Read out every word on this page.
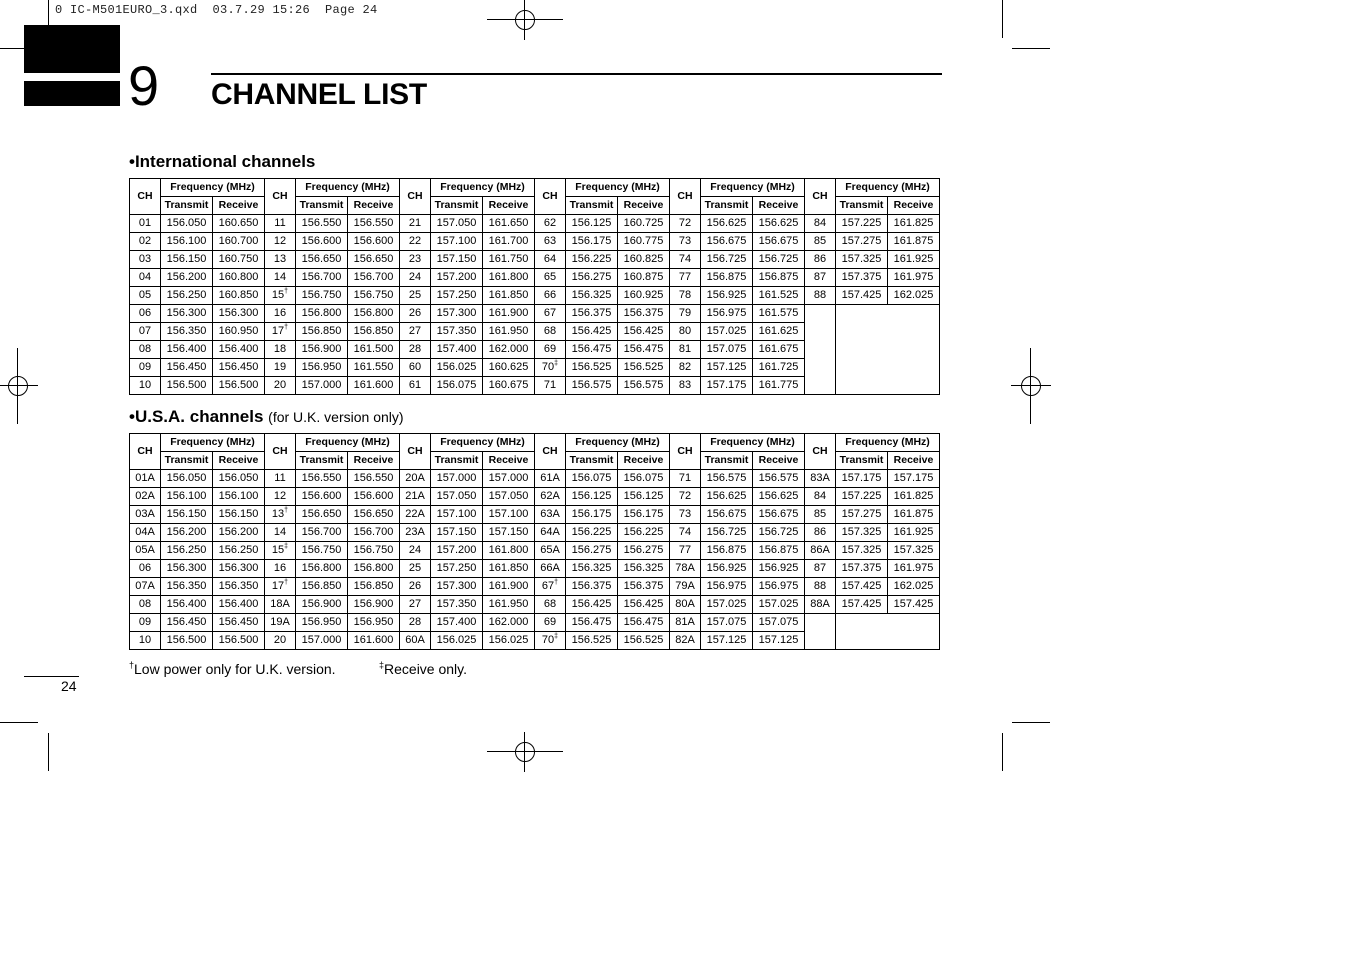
0 IC-M501EURO_3.qxd  03.7.29 15:26  Page 24
9 CHANNEL LIST
•International channels
CH	Frequency (MHz)		CH	Frequency (MHz)		CH	Frequency (MHz)		CH	Frequency (MHz)		CH	Frequency (MHz)		CH	Frequency (MHz)	
	Transmit	Receive		Transmit	Receive		Transmit	Receive		Transmit	Receive		Transmit	Receive		Transmit	Receive
01	156.050	160.650	11	156.550	156.550	21	157.050	161.650	62	156.125	160.725	72	156.625	156.625	84	157.225	161.825
02	156.100	160.700	12	156.600	156.600	22	157.100	161.700	63	156.175	160.775	73	156.675	156.675	85	157.275	161.875
03	156.150	160.750	13	156.650	156.650	23	157.150	161.750	64	156.225	160.825	74	156.725	156.725	86	157.325	161.925
04	156.200	160.800	14	156.700	156.700	24	157.200	161.800	65	156.275	160.875	77	156.875	156.875	87	157.375	161.975
05	156.250	160.850	15†	156.750	156.750	25	157.250	161.850	66	156.325	160.925	78	156.925	161.525	88	157.425	162.025
06	156.300	156.300	16	156.800	156.800	26	157.300	161.900	67	156.375	156.375	79	156.975	161.575			
07	156.350	160.950	17†	156.850	156.850	27	157.350	161.950	68	156.425	156.425	80	157.025	161.625			
08	156.400	156.400	18	156.900	161.500	28	157.400	162.000	69	156.475	156.475	81	157.075	161.675			
09	156.450	156.450	19	156.950	161.550	60	156.025	160.625	70‡	156.525	156.525	82	157.125	161.725			
10	156.500	156.500	20	157.000	161.600	61	156.075	160.675	71	156.575	156.575	83	157.175	161.775			
•U.S.A. channels (for U.K. version only)
CH	Frequency (MHz)		CH	Frequency (MHz)		CH	Frequency (MHz)		CH	Frequency (MHz)		CH	Frequency (MHz)		CH	Frequency (MHz)	
	Transmit	Receive		Transmit	Receive		Transmit	Receive		Transmit	Receive		Transmit	Receive		Transmit	Receive
01A	156.050	156.050	11	156.550	156.550	20A	157.000	157.000	61A	156.075	156.075	71	156.575	156.575	83A	157.175	157.175
02A	156.100	156.100	12	156.600	156.600	21A	157.050	157.050	62A	156.125	156.125	72	156.625	156.625	84	157.225	161.825
03A	156.150	156.150	13†	156.650	156.650	22A	157.100	157.100	63A	156.175	156.175	73	156.675	156.675	85	157.275	161.875
04A	156.200	156.200	14	156.700	156.700	23A	157.150	157.150	64A	156.225	156.225	74	156.725	156.725	86	157.325	161.925
05A	156.250	156.250	15‡	156.750	156.750	24	157.200	161.800	65A	156.275	156.275	77	156.875	156.875	86A	157.325	157.325
06	156.300	156.300	16	156.800	156.800	25	157.250	161.850	66A	156.325	156.325	78A	156.925	156.925	87	157.375	161.975
07A	156.350	156.350	17†	156.850	156.850	26	157.300	161.900	67†	156.375	156.375	79A	156.975	156.975	88	157.425	162.025
08	156.400	156.400	18A	156.900	156.900	27	157.350	161.950	68	156.425	156.425	80A	157.025	157.025	88A	157.425	157.425
09	156.450	156.450	19A	156.950	156.950	28	157.400	162.000	69	156.475	156.475	81A	157.075	157.075			
10	156.500	156.500	20	157.000	161.600	60A	156.025	156.025	70‡	156.525	156.525	82A	157.125	157.125			
†Low power only for U.K. version.	‡Receive only.
24
